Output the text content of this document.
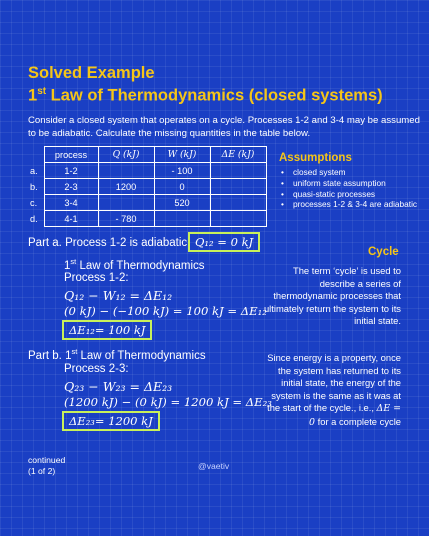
Solved Example
1st Law of Thermodynamics (closed systems)
Consider a closed system that operates on a cycle. Processes 1-2 and 3-4 may be assumed to be adiabatic. Calculate the missing quantities in the table below.
	process	Q (kJ)	W (kJ)	ΔE (kJ)
a.	1-2		- 100	
b.	2-3	1200	0	
c.	3-4		520	
d.	4-1	- 780		
Assumptions
• closed system
• uniform state assumption
• quasi-static processes
• processes 1-2 & 3-4 are adiabatic
Part a. Process 1-2 is adiabatic Q₁₂ = 0 kJ
1st Law of Thermodynamics
Process 1-2:
Q₁₂ − W₁₂ = ΔE₁₂
(0 kJ) − (−100 kJ) = 100 kJ = ΔE₁₂
ΔE₁₂= 100 kJ
Part b. 1st Law of Thermodynamics
Process 2-3:
Q₂₃ − W₂₃ = ΔE₂₃
(1200 kJ) − (0 kJ) = 1200 kJ = ΔE₂₃
ΔE₂₃= 1200 kJ
Cycle
The term ‘cycle’ is used to describe a series of thermodynamic processes that ultimately return the system to its initial state.
Since energy is a property, once the system has returned to its initial state, the energy of the system is the same as it was at the start of the cycle., i.e., ΔE = 0 for a complete cycle
continued
(1 of 2)	@vaetiv
